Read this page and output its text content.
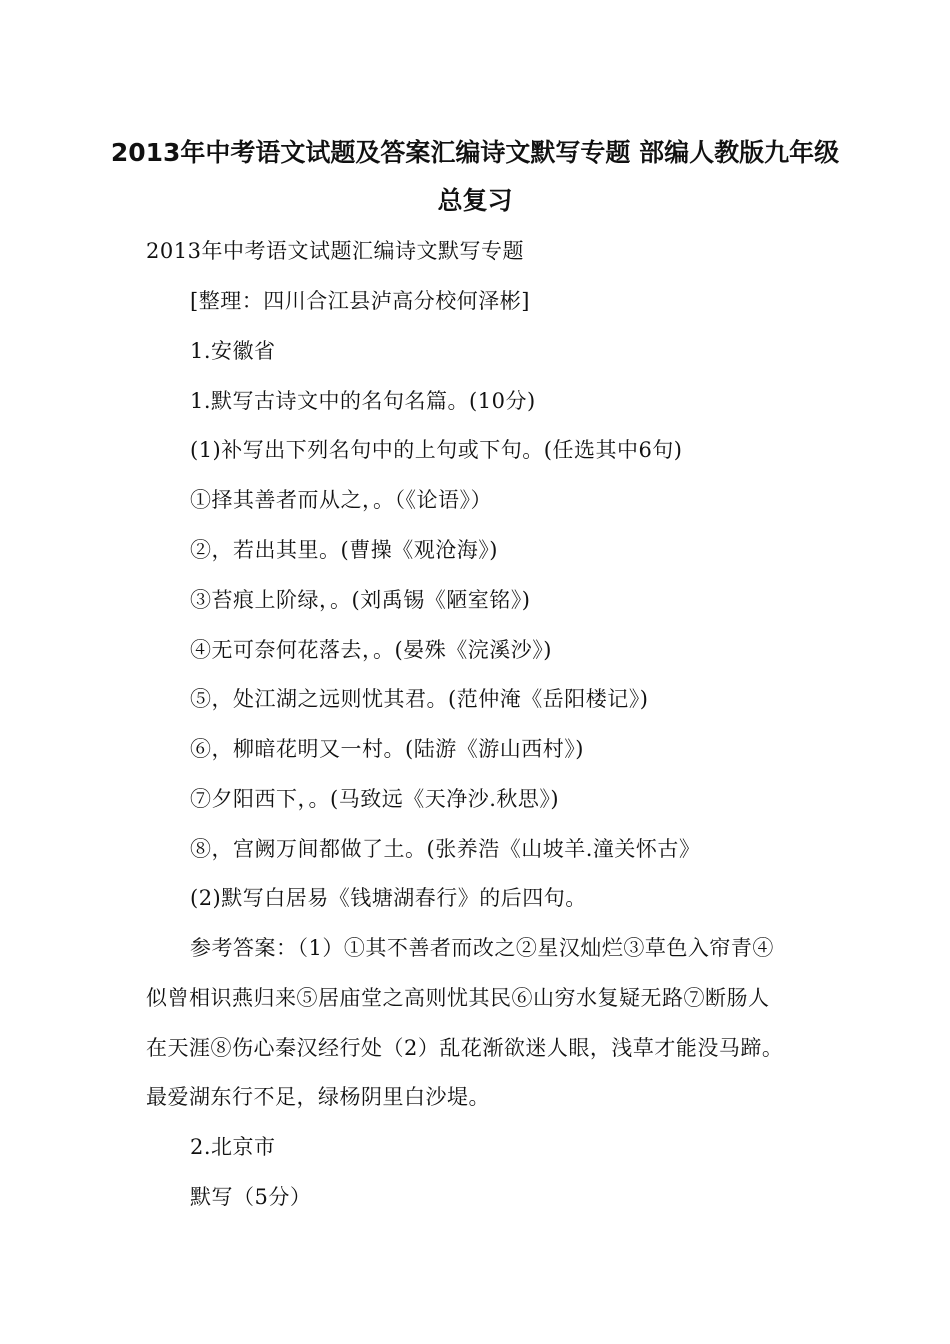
2013年中考语文试题及答案汇编诗文默写专题 部编人教版九年级
总复习
2013年中考语文试题汇编诗文默写专题
[整理：四川合江县泸高分校何泽彬]
1.安徽省
1.默写古诗文中的名句名篇。(10分)
(1)补写出下列名句中的上句或下句。(任选其中6句)
①择其善者而从之，。（《论语》）
②，若出其里。(曹操《观沧海》)
③苔痕上阶绿，。(刘禹锡《陋室铭》)
④无可奈何花落去，。(晏殊《浣溪沙》)
⑤，处江湖之远则忧其君。(范仲淹《岳阳楼记》)
⑥，柳暗花明又一村。(陆游《游山西村》)
⑦夕阳西下，。(马致远《天净沙.秋思》)
⑧，宫阙万间都做了土。(张养浩《山坡羊.潼关怀古》
(2)默写白居易《钱塘湖春行》的后四句。
参考答案：（1）①其不善者而改之②星汉灿烂③草色入帘青④
似曾相识燕归来⑤居庙堂之高则忧其民⑥山穷水复疑无路⑦断肠人
在天涯⑧伤心秦汉经行处（2）乱花渐欲迷人眼，浅草才能没马蹄。
最爱湖东行不足，绿杨阴里白沙堤。
2.北京市
默写（5分）
